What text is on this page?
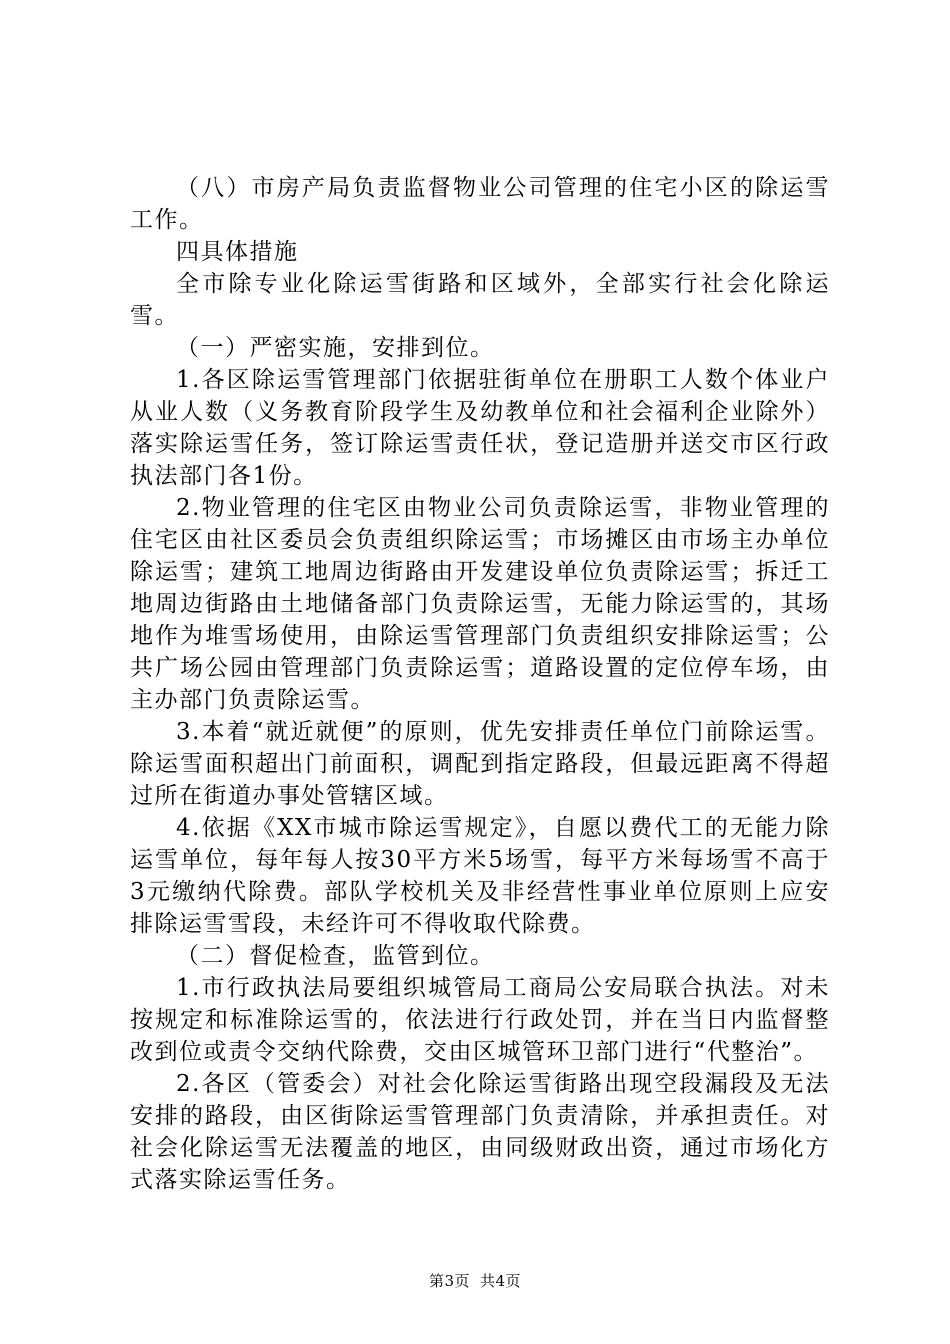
（八）市房产局负责监督物业公司管理的住宅小区的除运雪工作。

四具体措施

全市除专业化除运雪街路和区域外，全部实行社会化除运雪。

（一）严密实施，安排到位。

1.各区除运雪管理部门依据驻街单位在册职工人数个体业户从业人数（义务教育阶段学生及幼教单位和社会福利企业除外）落实除运雪任务，签订除运雪责任状，登记造册并送交市区行政执法部门各1份。

2.物业管理的住宅区由物业公司负责除运雪，非物业管理的住宅区由社区委员会负责组织除运雪；市场摊区由市场主办单位除运雪；建筑工地周边街路由开发建设单位负责除运雪；拆迁工地周边街路由土地储备部门负责除运雪，无能力除运雪的，其场地作为堆雪场使用，由除运雪管理部门负责组织安排除运雪；公共广场公园由管理部门负责除运雪；道路设置的定位停车场，由主办部门负责除运雪。

3.本着“就近就便”的原则，优先安排责任单位门前除运雪。除运雪面积超出门前面积，调配到指定路段，但最远距离不得超过所在街道办事处管辖区域。

4.依据《XX市城市除运雪规定》，自愿以费代工的无能力除运雪单位，每年每人按30平方米5场雪，每平方米每场雪不高于3元缴纳代除费。部队学校机关及非经营性事业单位原则上应安排除运雪雪段，未经许可不得收取代除费。

（二）督促检查，监管到位。

1.市行政执法局要组织城管局工商局公安局联合执法。对未按规定和标准除运雪的，依法进行行政处罚，并在当日内监督整改到位或责令交纳代除费，交由区城管环卫部门进行“代整治”。

2.各区（管委会）对社会化除运雪街路出现空段漏段及无法安排的路段，由区街除运雪管理部门负责清除，并承担责任。对社会化除运雪无法覆盖的地区，由同级财政出资，通过市场化方式落实除运雪任务。

第3页 共4页
